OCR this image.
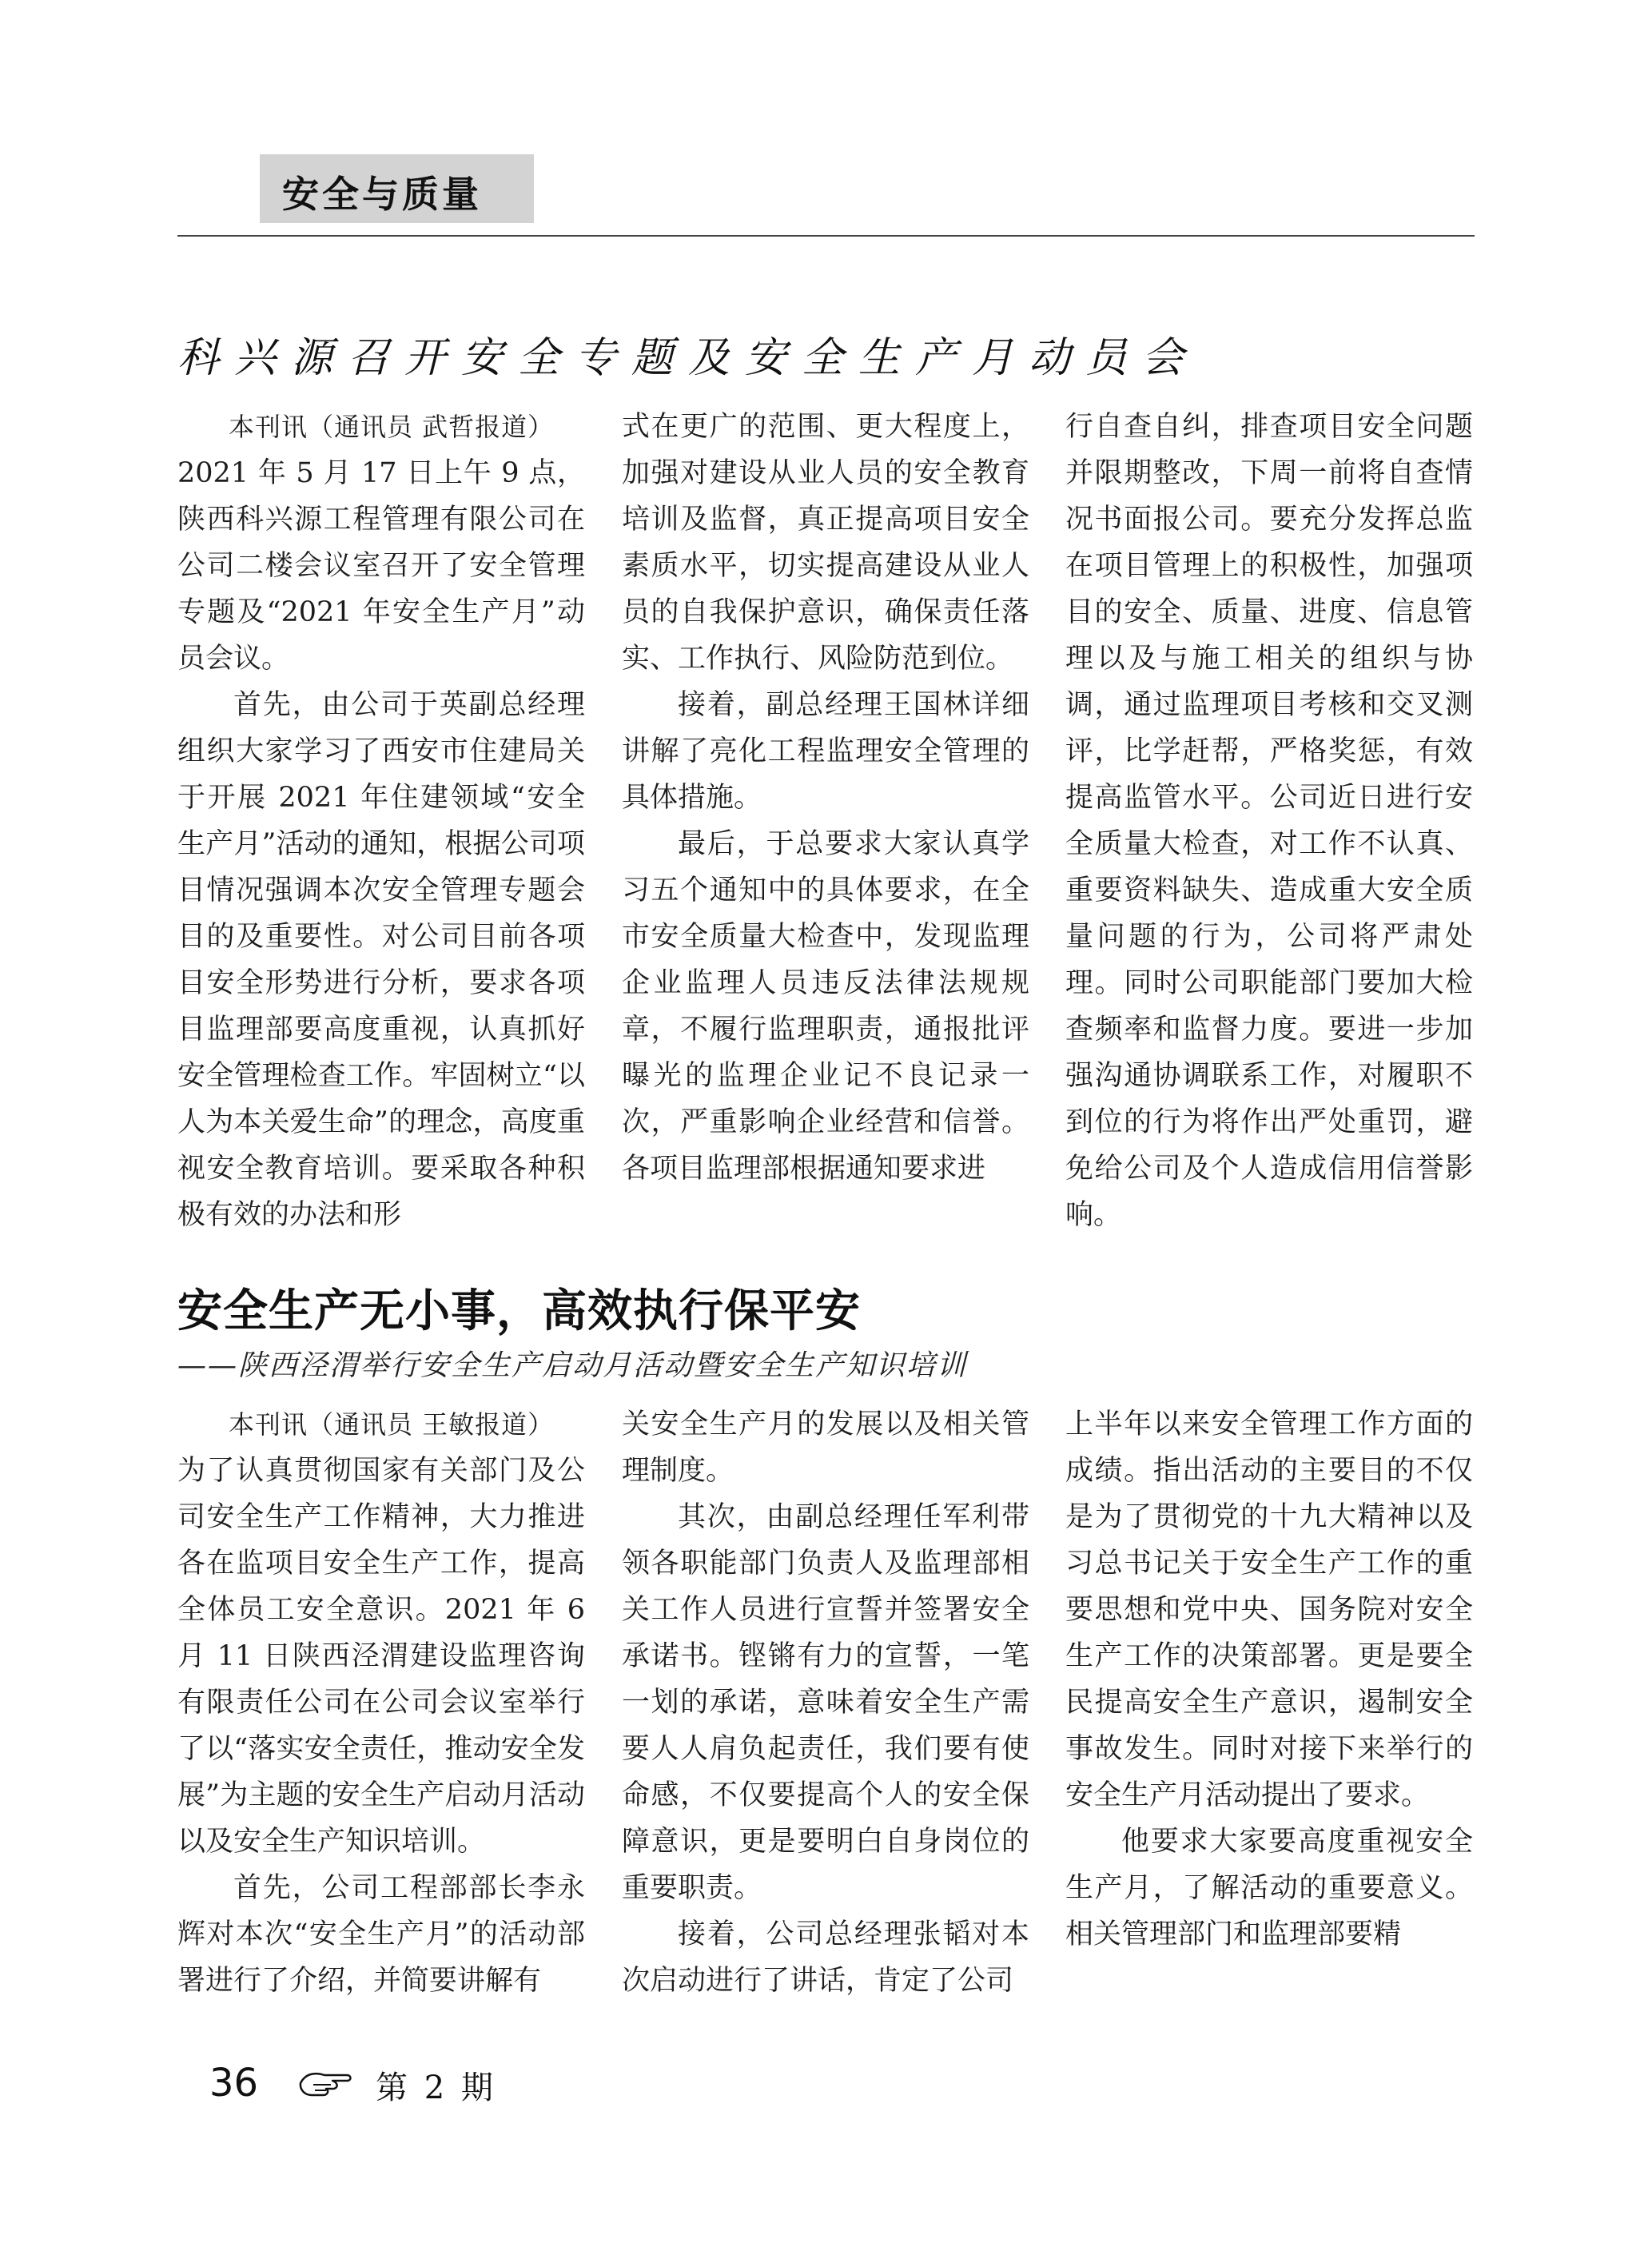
安全与质量
科兴源召开安全专题及安全生产月动员会

本刊讯（通讯员 武哲报道）

2021 年 5 月 17 日上午 9 点，陕西科兴源工程管理有限公司在公司二楼会议室召开了安全管理专题及“2021 年安全生产月”动员会议。

首先，由公司于英副总经理组织大家学习了西安市住建局关于开展 2021 年住建领域“安全生产月”活动的通知，根据公司项目情况强调本次安全管理专题会目的及重要性。对公司目前各项目安全形势进行分析，要求各项目监理部要高度重视，认真抓好安全管理检查工作。牢固树立“以人为本关爱生命”的理念，高度重视安全教育培训。要采取各种积极有效的办法和形

式在更广的范围、更大程度上，加强对建设从业人员的安全教育培训及监督，真正提高项目安全素质水平，切实提高建设从业人员的自我保护意识，确保责任落实、工作执行、风险防范到位。

接着，副总经理王国林详细讲解了亮化工程监理安全管理的具体措施。

最后，于总要求大家认真学习五个通知中的具体要求，在全市安全质量大检查中，发现监理企业监理人员违反法律法规规章，不履行监理职责，通报批评曝光的监理企业记不良记录一次，严重影响企业经营和信誉。各项目监理部根据通知要求进

行自查自纠，排查项目安全问题并限期整改，下周一前将自查情况书面报公司。要充分发挥总监在项目管理上的积极性，加强项目的安全、质量、进度、信息管理以及与施工相关的组织与协调，通过监理项目考核和交叉测评，比学赶帮，严格奖惩，有效提高监管水平。公司近日进行安全质量大检查，对工作不认真、重要资料缺失、造成重大安全质量问题的行为，公司将严肃处理。同时公司职能部门要加大检查频率和监督力度。要进一步加强沟通协调联系工作，对履职不到位的行为将作出严处重罚，避免给公司及个人造成信用信誉影响。

安全生产无小事，高效执行保平安
——陕西泾渭举行安全生产启动月活动暨安全生产知识培训

本刊讯（通讯员 王敏报道）

为了认真贯彻国家有关部门及公司安全生产工作精神，大力推进各在监项目安全生产工作，提高全体员工安全意识。2021 年 6 月 11 日陕西泾渭建设监理咨询有限责任公司在公司会议室举行了以“落实安全责任，推动安全发展”为主题的安全生产启动月活动以及安全生产知识培训。

首先，公司工程部部长李永辉对本次“安全生产月”的活动部署进行了介绍，并简要讲解有

关安全生产月的发展以及相关管理制度。

其次，由副总经理任军利带领各职能部门负责人及监理部相关工作人员进行宣誓并签署安全承诺书。铿锵有力的宣誓，一笔一划的承诺，意味着安全生产需要人人肩负起责任，我们要有使命感，不仅要提高个人的安全保障意识，更是要明白自身岗位的重要职责。

接着，公司总经理张韬对本次启动进行了讲话，肯定了公司

上半年以来安全管理工作方面的成绩。指出活动的主要目的不仅是为了贯彻党的十九大精神以及习总书记关于安全生产工作的重要思想和党中央、国务院对安全生产工作的决策部署。更是要全民提高安全生产意识，遏制安全事故发生。同时对接下来举行的安全生产月活动提出了要求。

他要求大家要高度重视安全生产月，了解活动的重要意义。相关管理部门和监理部要精

36	第 2 期
